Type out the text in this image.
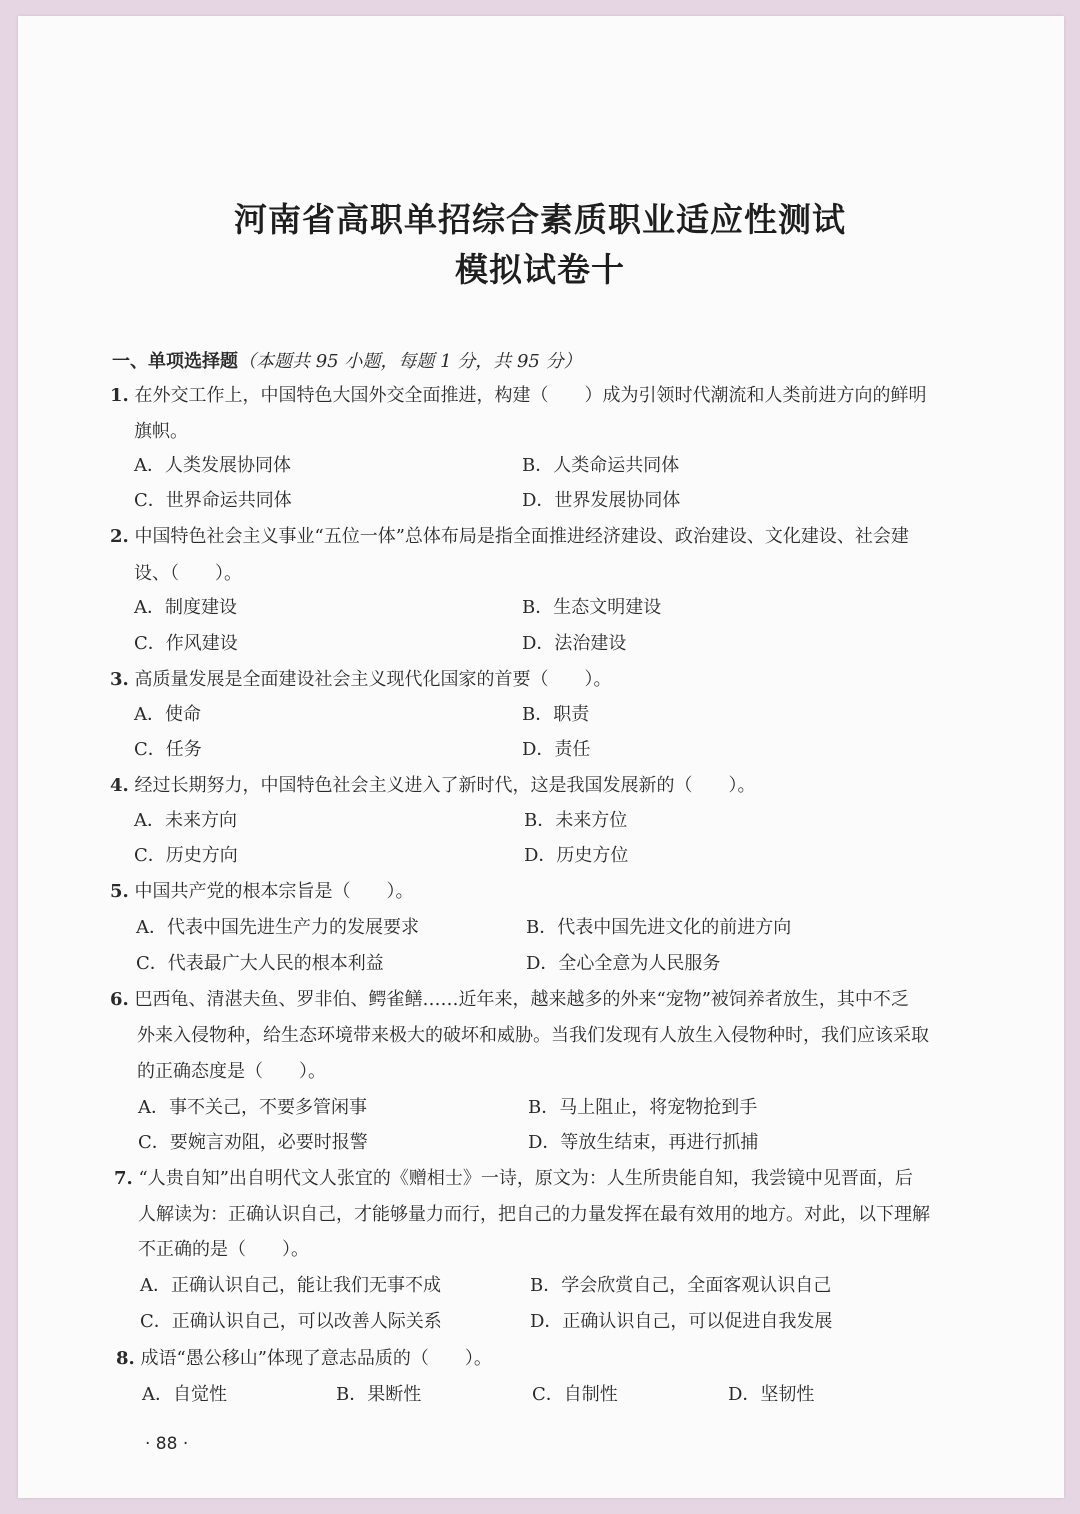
河南省高职单招综合素质职业适应性测试
模拟试卷十
一、单项选择题（本题共 95 小题，每题 1 分，共 95 分）
1. 在外交工作上，中国特色大国外交全面推进，构建（　　）成为引领时代潮流和人类前进方向的鲜明
旗帜。
A．人类发展协同体	B．人类命运共同体
C．世界命运共同体	D．世界发展协同体
2. 中国特色社会主义事业“五位一体”总体布局是指全面推进经济建设、政治建设、文化建设、社会建
设、（　　）。
A．制度建设	B．生态文明建设
C．作风建设	D．法治建设
3. 高质量发展是全面建设社会主义现代化国家的首要（　　）。
A．使命	B．职责
C．任务	D．责任
4. 经过长期努力，中国特色社会主义进入了新时代，这是我国发展新的（　　）。
A．未来方向	B．未来方位
C．历史方向	D．历史方位
5. 中国共产党的根本宗旨是（　　）。
A．代表中国先进生产力的发展要求	B．代表中国先进文化的前进方向
C．代表最广大人民的根本利益	D．全心全意为人民服务
6. 巴西龟、清湛夫鱼、罗非伯、鳄雀鳝……近年来，越来越多的外来“宠物”被饲养者放生，其中不乏
外来入侵物种，给生态环境带来极大的破坏和威胁。当我们发现有人放生入侵物种时，我们应该采取
的正确态度是（　　）。
A．事不关己，不要多管闲事	B．马上阻止，将宠物抢到手
C．要婉言劝阻，必要时报警	D．等放生结束，再进行抓捕
7. “人贵自知”出自明代文人张宜的《赠相士》一诗，原文为：人生所贵能自知，我尝镜中见晋面，后
人解读为：正确认识自己，才能够量力而行，把自己的力量发挥在最有效用的地方。对此，以下理解
不正确的是（　　）。
A．正确认识自己，能让我们无事不成	B．学会欣赏自己，全面客观认识自己
C．正确认识自己，可以改善人际关系	D．正确认识自己，可以促进自我发展
8. 成语“愚公移山”体现了意志品质的（　　）。
A．自觉性	B．果断性	C．自制性	D．坚韧性
· 88 ·
